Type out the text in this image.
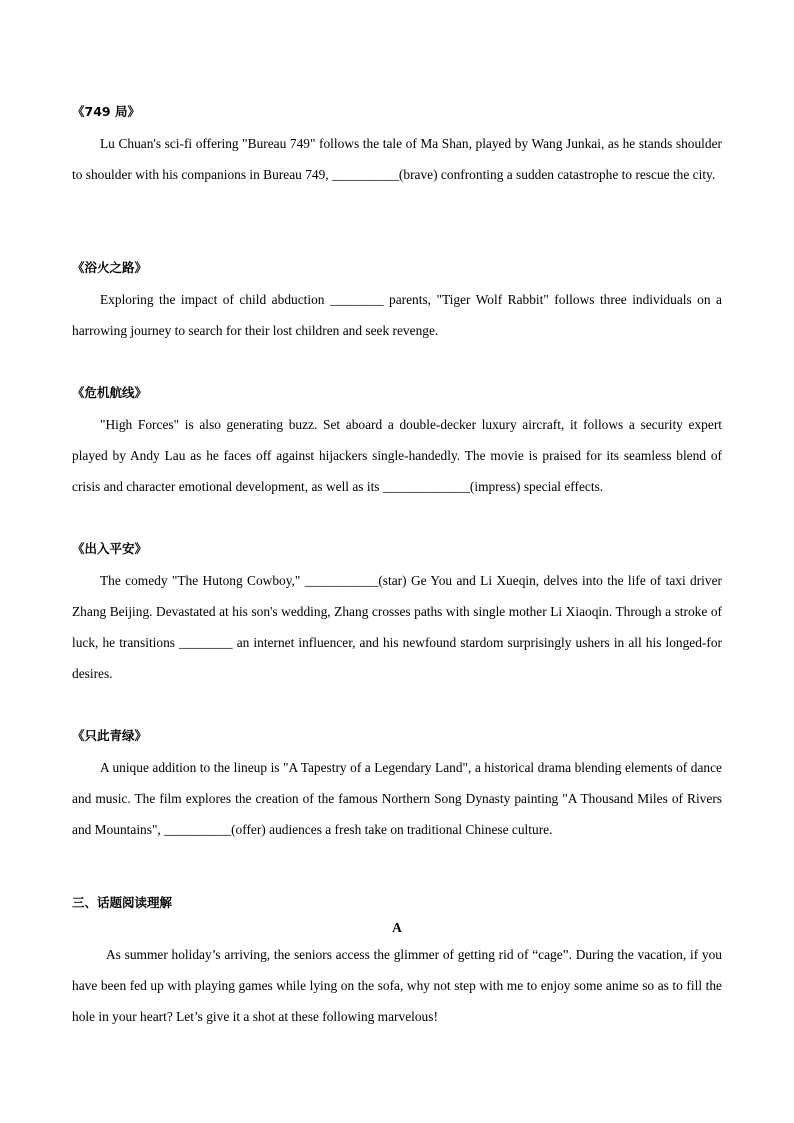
《749 局》

Lu Chuan's sci-fi offering "Bureau 749" follows the tale of Ma Shan, played by Wang Junkai, as he stands shoulder to shoulder with his companions in Bureau 749, __________(brave) confronting a sudden catastrophe to rescue the city.

《浴火之路》

Exploring the impact of child abduction ________ parents, "Tiger Wolf Rabbit" follows three individuals on a harrowing journey to search for their lost children and seek revenge.

《危机航线》

"High Forces" is also generating buzz. Set aboard a double-decker luxury aircraft, it follows a security expert played by Andy Lau as he faces off against hijackers single-handedly. The movie is praised for its seamless blend of crisis and character emotional development, as well as its _____________(impress) special effects.

《出入平安》

The comedy "The Hutong Cowboy," ___________(star) Ge You and Li Xueqin, delves into the life of taxi driver Zhang Beijing. Devastated at his son's wedding, Zhang crosses paths with single mother Li Xiaoqin. Through a stroke of luck, he transitions ________ an internet influencer, and his newfound stardom surprisingly ushers in all his longed-for desires.

《只此青绿》

A unique addition to the lineup is "A Tapestry of a Legendary Land", a historical drama blending elements of dance and music. The film explores the creation of the famous Northern Song Dynasty painting "A Thousand Miles of Rivers and Mountains", __________(offer) audiences a fresh take on traditional Chinese culture.

三、话题阅读理解
A

As summer holiday’s arriving, the seniors access the glimmer of getting rid of “cage”. During the vacation, if you have been fed up with playing games while lying on the sofa, why not step with me to enjoy some anime so as to fill the hole in your heart? Let’s give it a shot at these following marvelous!
